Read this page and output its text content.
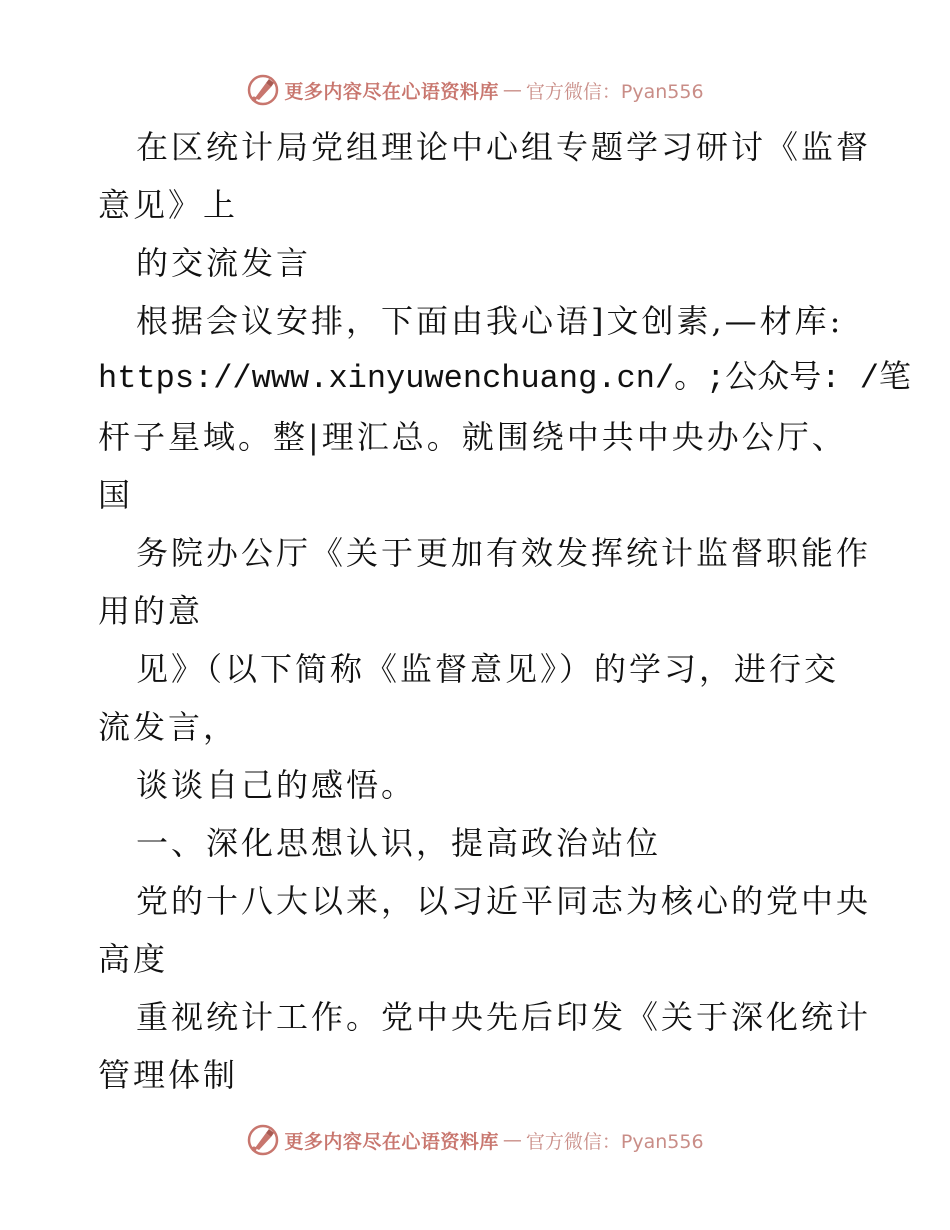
更多内容尽在心语资料库 — 官方微信：Pyan556
在区统计局党组理论中心组专题学习研讨《监督
意见》上
的交流发言
根据会议安排，下面由我心语]文创素,—材库:
https://www.xinyuwenchuang.cn/。;公众号: /笔
杆子星域。整|理汇总。就围绕中共中央办公厅、
国
务院办公厅《关于更加有效发挥统计监督职能作
用的意
见》（以下简称《监督意见》）的学习，进行交
流发言，
谈谈自己的感悟。
一、深化思想认识，提高政治站位
党的十八大以来，以习近平同志为核心的党中央
高度
重视统计工作。党中央先后印发《关于深化统计
管理体制
更多内容尽在心语资料库 — 官方微信：Pyan556
